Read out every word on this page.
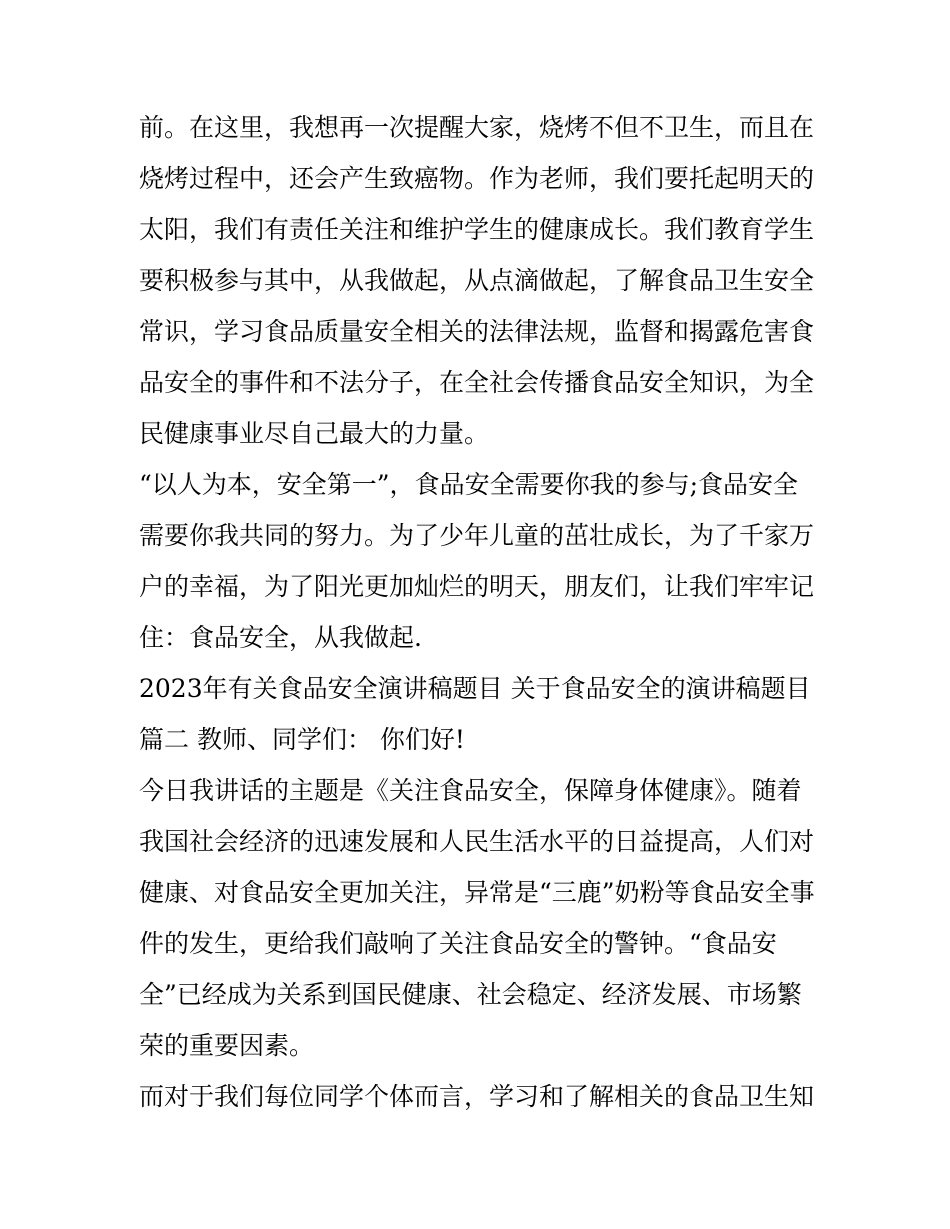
前。在这里，我想再一次提醒大家，烧烤不但不卫生，而且在
烧烤过程中，还会产生致癌物。作为老师，我们要托起明天的
太阳，我们有责任关注和维护学生的健康成长。我们教育学生
要积极参与其中，从我做起，从点滴做起，了解食品卫生安全
常识，学习食品质量安全相关的法律法规，监督和揭露危害食
品安全的事件和不法分子，在全社会传播食品安全知识，为全
民健康事业尽自己最大的力量。
“以人为本，安全第一”，食品安全需要你我的参与;食品安全
需要你我共同的努力。为了少年儿童的茁壮成长，为了千家万
户的幸福，为了阳光更加灿烂的明天，朋友们，让我们牢牢记
住：食品安全，从我做起.
2023年有关食品安全演讲稿题目 关于食品安全的演讲稿题目
篇二 教师、同学们： 你们好!
今日我讲话的主题是《关注食品安全，保障身体健康》。随着
我国社会经济的迅速发展和人民生活水平的日益提高，人们对
健康、对食品安全更加关注，异常是“三鹿”奶粉等食品安全事
件的发生，更给我们敲响了关注食品安全的警钟。“食品安
全”已经成为关系到国民健康、社会稳定、经济发展、市场繁
荣的重要因素。
而对于我们每位同学个体而言，学习和了解相关的食品卫生知
